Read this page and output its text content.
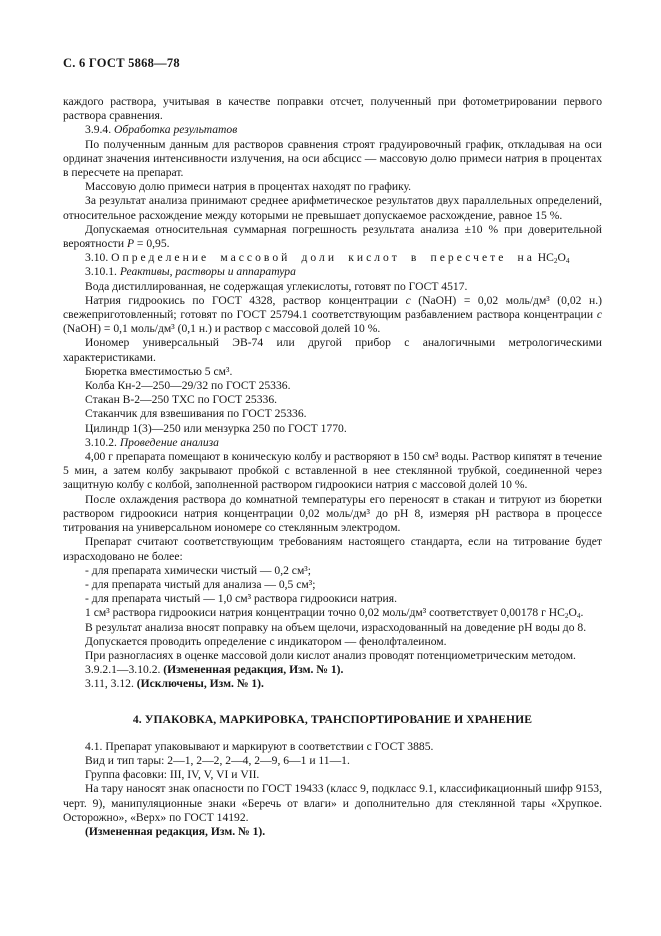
С. 6 ГОСТ 5868—78

каждого раствора, учитывая в качестве поправки отсчет, полученный при фотометрировании первого раствора сравнения.

3.9.4. Обработка результатов

По полученным данным для растворов сравнения строят градуировочный график, откладывая на оси ординат значения интенсивности излучения, на оси абсцисс — массовую долю примеси натрия в процентах в пересчете на препарат.

Массовую долю примеси натрия в процентах находят по графику.

За результат анализа принимают среднее арифметическое результатов двух параллельных определений, относительное расхождение между которыми не превышает допускаемое расхождение, равное 15 %.

Допускаемая относительная суммарная погрешность результата анализа ±10 % при доверительной вероятности Р = 0,95.

3.10. Определение массовой доли кислот в пересчете на $HC_2O_4$

3.10.1. Реактивы, растворы и аппаратура

Вода дистиллированная, не содержащая углекислоты, готовят по ГОСТ 4517.

Натрия гидроокись по ГОСТ 4328, раствор концентрации с (NaOH) = 0,02 моль/дм³ (0,02 н.) свежеприготовленный; готовят по ГОСТ 25794.1 соответствующим разбавлением раствора концентрации с (NaOH) = 0,1 моль/дм³ (0,1 н.) и раствор с массовой долей 10 %.

Иономер универсальный ЭВ-74 или другой прибор с аналогичными метрологическими характеристиками.

Бюретка вместимостью 5 см³.

Колба Кн-2—250—29/32 по ГОСТ 25336.

Стакан В-2—250 ТХС по ГОСТ 25336.

Стаканчик для взвешивания по ГОСТ 25336.

Цилиндр 1(3)—250 или мензурка 250 по ГОСТ 1770.

3.10.2. Проведение анализа

4,00 г препарата помещают в коническую колбу и растворяют в 150 см³ воды. Раствор кипятят в течение 5 мин, а затем колбу закрывают пробкой с вставленной в нее стеклянной трубкой, соединенной через защитную колбу с колбой, заполненной раствором гидроокиси натрия с массовой долей 10 %.

После охлаждения раствора до комнатной температуры его переносят в стакан и титруют из бюретки раствором гидроокиси натрия концентрации 0,02 моль/дм³ до рН 8, измеряя рН раствора в процессе титрования на универсальном иономере со стеклянным электродом.

Препарат считают соответствующим требованиям настоящего стандарта, если на титрование будет израсходовано не более:

- для препарата химически чистый — 0,2 см³;

- для препарата чистый для анализа — 0,5 см³;

- для препарата чистый — 1,0 см³ раствора гидроокиси натрия.

1 см³ раствора гидроокиси натрия концентрации точно 0,02 моль/дм³ соответствует 0,00178 г $HC_2O_4$.

В результат анализа вносят поправку на объем щелочи, израсходованный на доведение рН воды до 8.

Допускается проводить определение с индикатором — фенолфталеином.

При разногласиях в оценке массовой доли кислот анализ проводят потенциометрическим методом.

3.9.2.1—3.10.2. (Измененная редакция, Изм. № 1).

3.11, 3.12. (Исключены, Изм. № 1).

4. УПАКОВКА, МАРКИРОВКА, ТРАНСПОРТИРОВАНИЕ И ХРАНЕНИЕ

4.1. Препарат упаковывают и маркируют в соответствии с ГОСТ 3885.

Вид и тип тары: 2—1, 2—2, 2—4, 2—9, 6—1 и 11—1.

Группа фасовки: III, IV, V, VI и VII.

На тару наносят знак опасности по ГОСТ 19433 (класс 9, подкласс 9.1, классификационный шифр 9153, черт. 9), манипуляционные знаки «Беречь от влаги» и дополнительно для стеклянной тары «Хрупкое. Осторожно», «Верх» по ГОСТ 14192.

(Измененная редакция, Изм. № 1).
